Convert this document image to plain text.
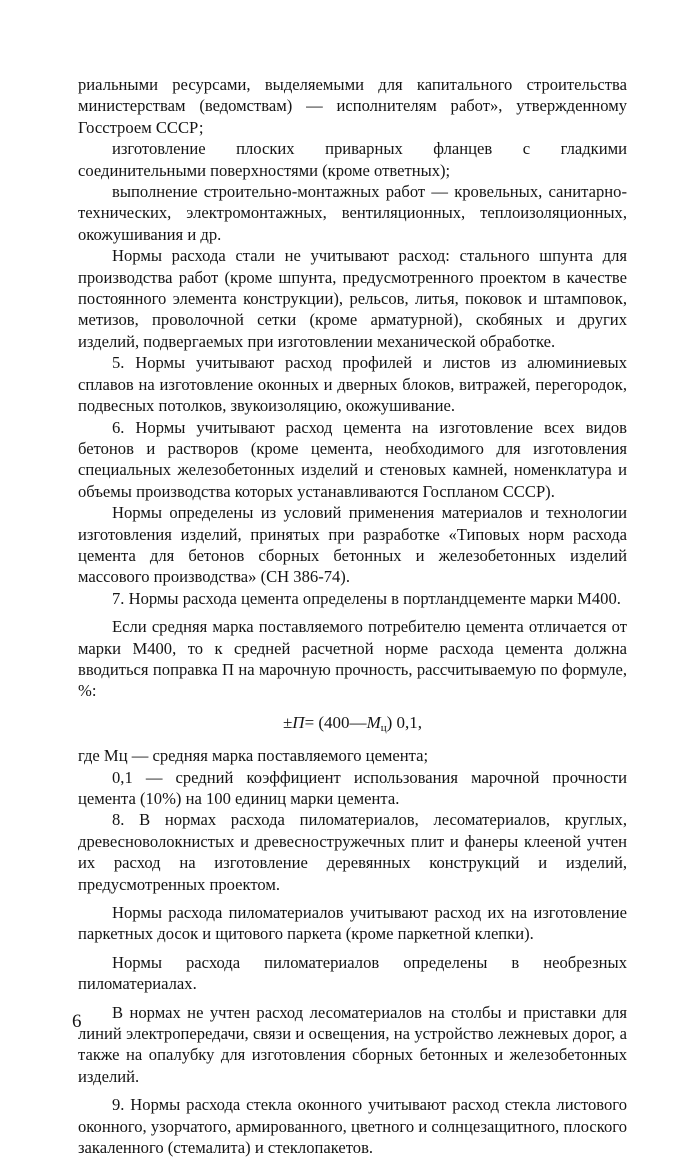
риальными ресурсами, выделяемыми для капитального строительства министерствам (ведомствам) — исполнителям работ», утвержденному Госстроем СССР;

изготовление плоских приварных фланцев с гладкими соединительными поверхностями (кроме ответных);

выполнение строительно-монтажных работ — кровельных, санитарно-технических, электромонтажных, вентиляционных, теплоизоляционных, окожушивания и др.

Нормы расхода стали не учитывают расход: стального шпунта для производства работ (кроме шпунта, предусмотренного проектом в качестве постоянного элемента конструкции), рельсов, литья, поковок и штамповок, метизов, проволочной сетки (кроме арматурной), скобяных и других изделий, подвергаемых при изготовлении механической обработке.

5. Нормы учитывают расход профилей и листов из алюминиевых сплавов на изготовление оконных и дверных блоков, витражей, перегородок, подвесных потолков, звукоизоляцию, окожушивание.

6. Нормы учитывают расход цемента на изготовление всех видов бетонов и растворов (кроме цемента, необходимого для изготовления специальных железобетонных изделий и стеновых камней, номенклатура и объемы производства которых устанавливаются Госпланом СССР).

Нормы определены из условий применения материалов и технологии изготовления изделий, принятых при разработке «Типовых норм расхода цемента для бетонов сборных бетонных и железобетонных изделий массового производства» (СН 386-74).

7. Нормы расхода цемента определены в портландцементе марки М400.

Если средняя марка поставляемого потребителю цемента отличается от марки М400, то к средней расчетной норме расхода цемента должна вводиться поправка П на марочную прочность, рассчитываемую по формуле, %:

$\pm П= (400—М_ц)$ 0,1,

где Мц — средняя марка поставляемого цемента;

0,1 — средний коэффициент использования марочной прочности цемента (10%) на 100 единиц марки цемента.

8. В нормах расхода пиломатериалов, лесоматериалов, круглых, древесноволокнистых и древесностружечных плит и фанеры клееной учтен их расход на изготовление деревянных конструкций и изделий, предусмотренных проектом.

Нормы расхода пиломатериалов учитывают расход их на изготовление паркетных досок и щитового паркета (кроме паркетной клепки).

Нормы расхода пиломатериалов определены в необрезных пиломатериалах.

В нормах не учтен расход лесоматериалов на столбы и приставки для линий электропередачи, связи и освещения, на устройство лежневых дорог, а также на опалубку для изготовления сборных бетонных и железобетонных изделий.

9. Нормы расхода стекла оконного учитывают расход стекла листового оконного, узорчатого, армированного, цветного и солнцезащитного, плоского закаленного (стемалита) и стеклопакетов.

6
